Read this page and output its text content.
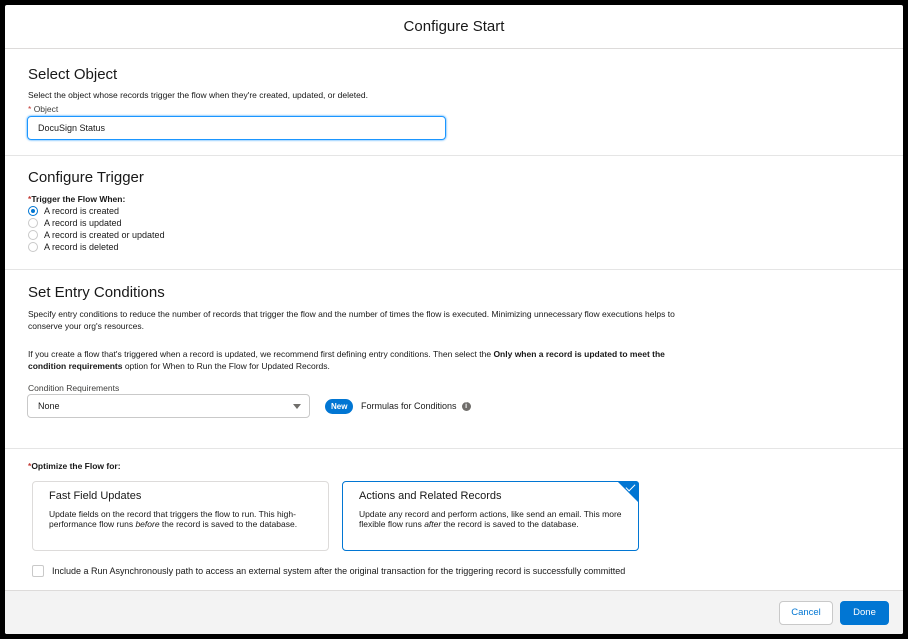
Configure Start
Select Object
Select the object whose records trigger the flow when they're created, updated, or deleted.
* Object
DocuSign Status
Configure Trigger
*Trigger the Flow When:
A record is created
A record is updated
A record is created or updated
A record is deleted
Set Entry Conditions
Specify entry conditions to reduce the number of records that trigger the flow and the number of times the flow is executed. Minimizing unnecessary flow executions helps to conserve your org's resources.
If you create a flow that's triggered when a record is updated, we recommend first defining entry conditions. Then select the Only when a record is updated to meet the condition requirements option for When to Run the Flow for Updated Records.
Condition Requirements
None	New	Formulas for Conditions	i
*Optimize the Flow for:
Fast Field Updates
Update fields on the record that triggers the flow to run. This high-performance flow runs before the record is saved to the database.
Actions and Related Records
Update any record and perform actions, like send an email. This more flexible flow runs after the record is saved to the database.
Include a Run Asynchronously path to access an external system after the original transaction for the triggering record is successfully committed
Cancel	Done
